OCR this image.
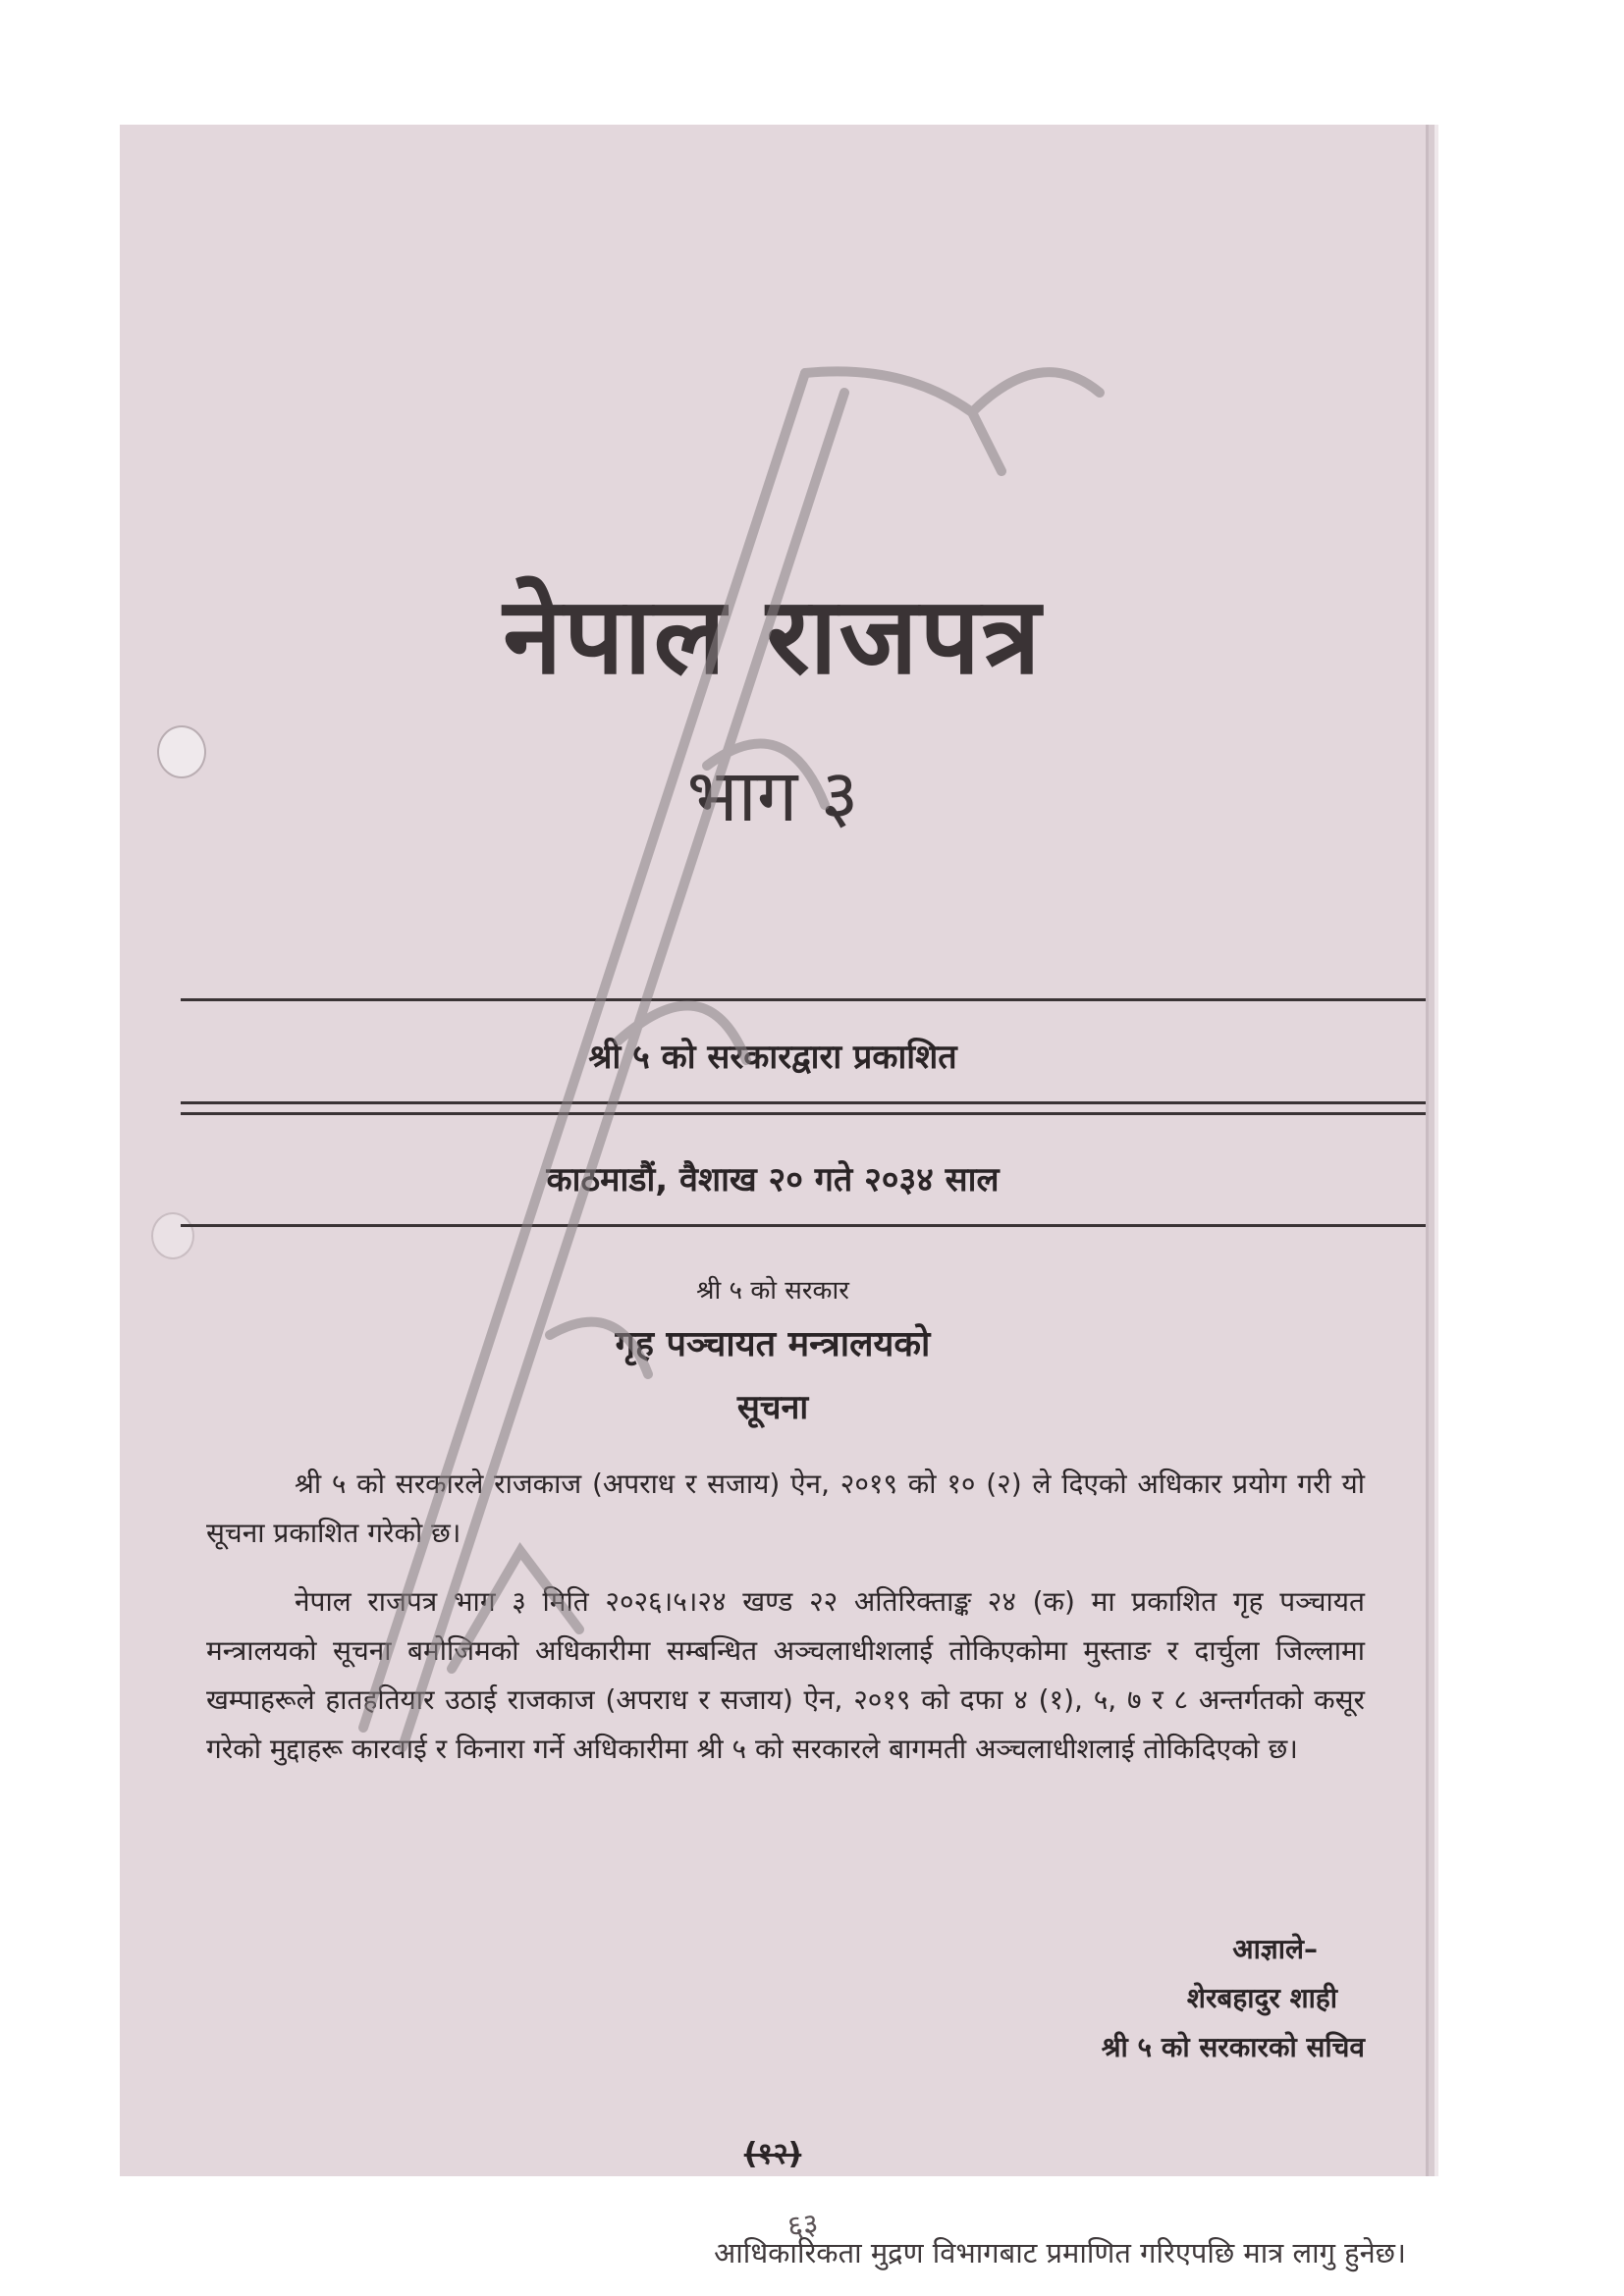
नेपाल राजपत्र
भाग ३
श्री ५ को सरकारद्वारा प्रकाशित
काठमाडौं, वैशाख २० गते २०३४ साल
श्री ५ को सरकार
गृह पञ्चायत मन्त्रालयको
सूचना

श्री ५ को सरकारले राजकाज (अपराध र सजाय) ऐन, २०१९ को १० (२) ले दिएको अधिकार प्रयोग गरी यो सूचना प्रकाशित गरेको छ।

नेपाल राजपत्र भाग ३ मिति २०२६।५।२४ खण्ड २२ अतिरिक्ताङ्क २४ (क) मा प्रकाशित गृह पञ्चायत मन्त्रालयको सूचना बमोजिमको अधिकारीमा सम्बन्धित अञ्चलाधीशलाई तोकिएकोमा मुस्ताङ र दार्चुला जिल्लामा खम्पाहरूले हातहतियार उठाई राजकाज (अपराध र सजाय) ऐन, २०१९ को दफा ४ (१), ५, ७ र ८ अन्तर्गतको कसूर गरेको मुद्दाहरू कारवाई र किनारा गर्ने अधिकारीमा श्री ५ को सरकारले बागमती अञ्चलाधीशलाई तोकिदिएको छ।

आज्ञाले–
शेरबहादुर शाही
श्री ५ को सरकारको सचिव
(१२)
आधिकारिकता मुद्रण विभागबाट प्रमाणित गरिएपछि मात्र लागु हुनेछ।
६३
